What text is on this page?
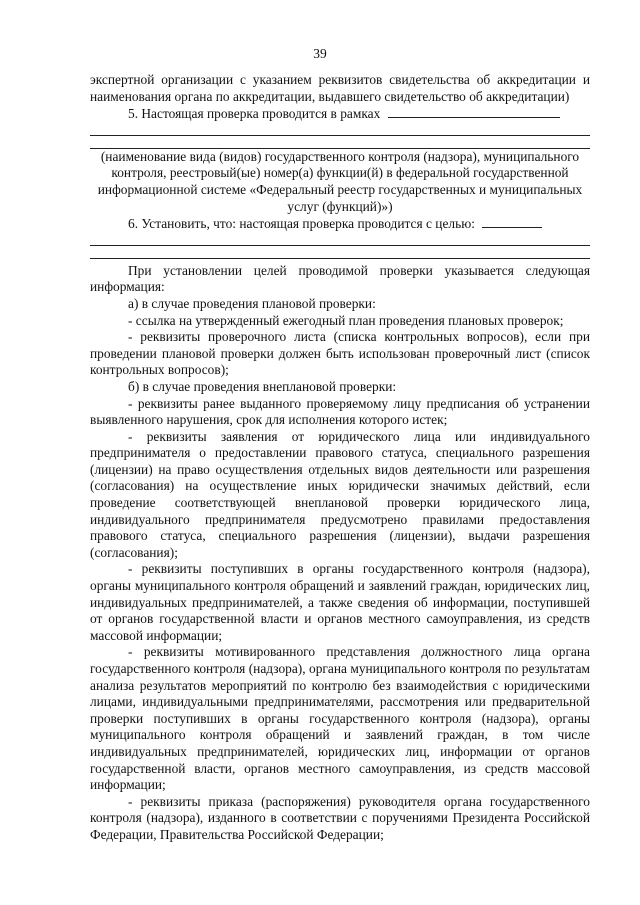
39

экспертной организации с указанием реквизитов свидетельства об аккредитации и наименования органа по аккредитации, выдавшего свидетельство об аккредитации)

5. Настоящая проверка проводится в рамках

(наименование вида (видов) государственного контроля (надзора), муниципального контроля, реестровый(ые) номер(а) функции(й) в федеральной государственной информационной системе «Федеральный реестр государственных и муниципальных услуг (функций)»)

6. Установить, что: настоящая проверка проводится с целью:

При установлении целей проводимой проверки указывается следующая информация:

а) в случае проведения плановой проверки:

- ссылка на утвержденный ежегодный план проведения плановых проверок;

- реквизиты проверочного листа (списка контрольных вопросов), если при проведении плановой проверки должен быть использован проверочный лист (список контрольных вопросов);

б) в случае проведения внеплановой проверки:

- реквизиты ранее выданного проверяемому лицу предписания об устранении выявленного нарушения, срок для исполнения которого истек;

- реквизиты заявления от юридического лица или индивидуального предпринимателя о предоставлении правового статуса, специального разрешения (лицензии) на право осуществления отдельных видов деятельности или разрешения (согласования) на осуществление иных юридически значимых действий, если проведение соответствующей внеплановой проверки юридического лица, индивидуального предпринимателя предусмотрено правилами предоставления правового статуса, специального разрешения (лицензии), выдачи разрешения (согласования);

- реквизиты поступивших в органы государственного контроля (надзора), органы муниципального контроля обращений и заявлений граждан, юридических лиц, индивидуальных предпринимателей, а также сведения об информации, поступившей от органов государственной власти и органов местного самоуправления, из средств массовой информации;

- реквизиты мотивированного представления должностного лица органа государственного контроля (надзора), органа муниципального контроля по результатам анализа результатов мероприятий по контролю без взаимодействия с юридическими лицами, индивидуальными предпринимателями, рассмотрения или предварительной проверки поступивших в органы государственного контроля (надзора), органы муниципального контроля обращений и заявлений граждан, в том числе индивидуальных предпринимателей, юридических лиц, информации от органов государственной власти, органов местного самоуправления, из средств массовой информации;

- реквизиты приказа (распоряжения) руководителя органа государственного контроля (надзора), изданного в соответствии с поручениями Президента Российской Федерации, Правительства Российской Федерации;
